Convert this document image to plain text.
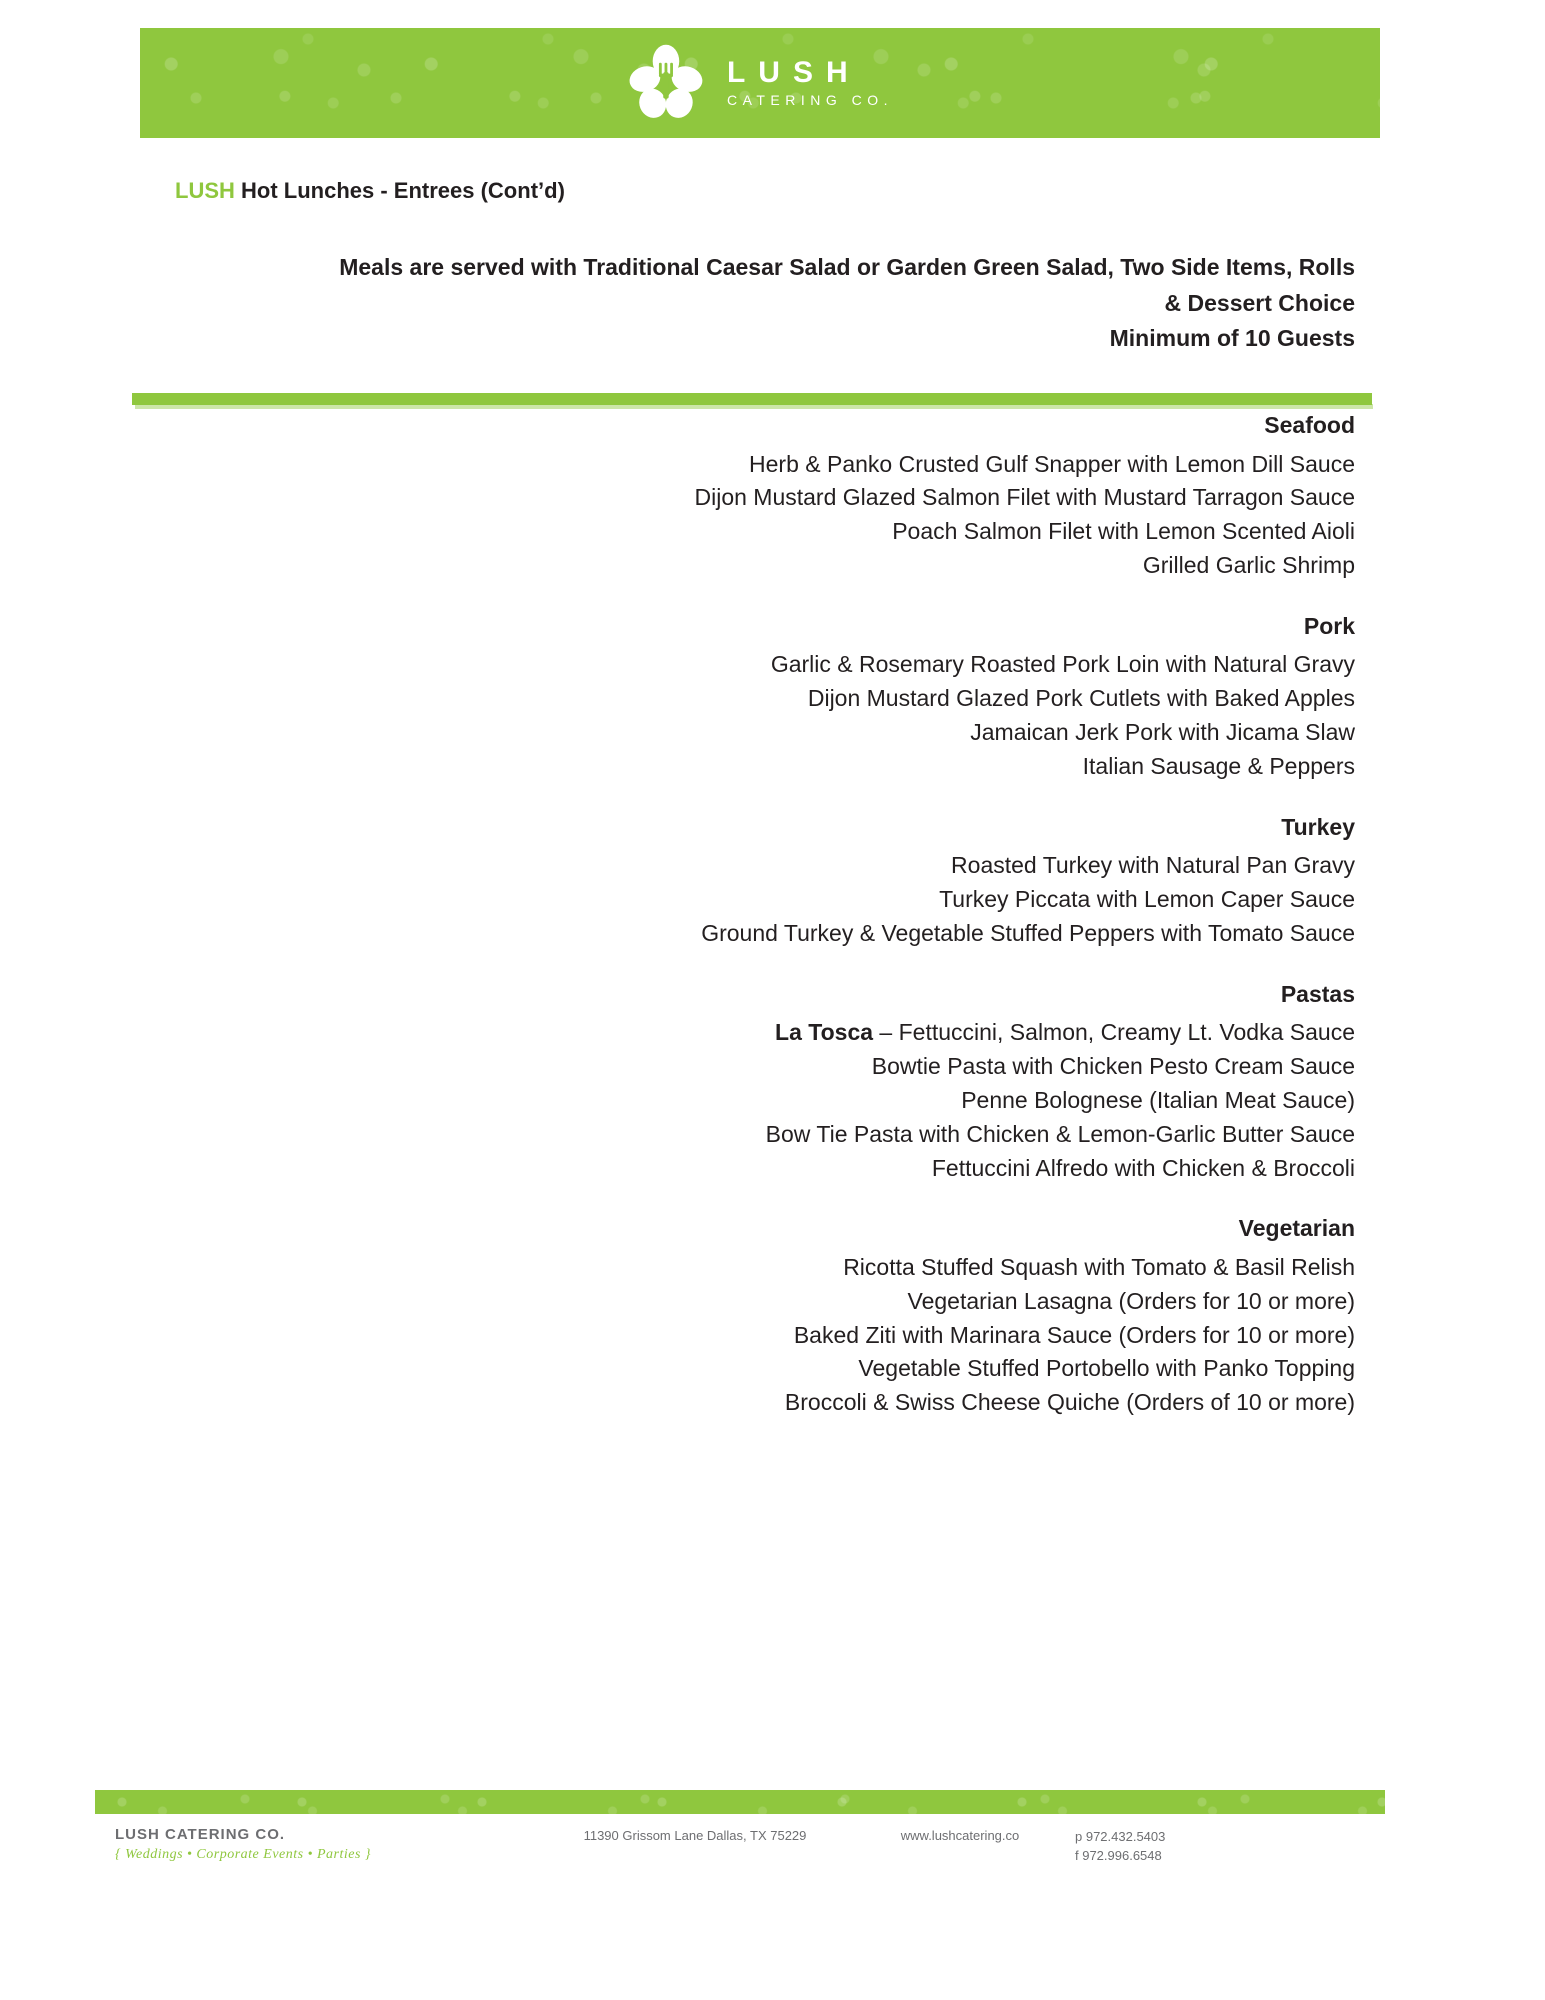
LUSH
CATERING CO.
LUSH Hot Lunches - Entrees (Cont’d)
Meals are served with Traditional Caesar Salad or Garden Green Salad, Two Side Items, Rolls
& Dessert Choice
Minimum of 10 Guests
Seafood
Herb & Panko Crusted Gulf Snapper with Lemon Dill Sauce
Dijon Mustard Glazed Salmon Filet with Mustard Tarragon Sauce
Poach Salmon Filet with Lemon Scented Aioli
Grilled Garlic Shrimp
Pork
Garlic & Rosemary Roasted Pork Loin with Natural Gravy
Dijon Mustard Glazed Pork Cutlets with Baked Apples
Jamaican Jerk Pork with Jicama Slaw
Italian Sausage & Peppers
Turkey
Roasted Turkey with Natural Pan Gravy
Turkey Piccata with Lemon Caper Sauce
Ground Turkey & Vegetable Stuffed Peppers with Tomato Sauce
Pastas
La Tosca – Fettuccini, Salmon, Creamy Lt. Vodka Sauce
Bowtie Pasta with Chicken Pesto Cream Sauce
Penne Bolognese (Italian Meat Sauce)
Bow Tie Pasta with Chicken & Lemon-Garlic Butter Sauce
Fettuccini Alfredo with Chicken & Broccoli
Vegetarian
Ricotta Stuffed Squash with Tomato & Basil Relish
Vegetarian Lasagna (Orders for 10 or more)
Baked Ziti with Marinara Sauce (Orders for 10 or more)
Vegetable Stuffed Portobello with Panko Topping
Broccoli & Swiss Cheese Quiche (Orders of 10 or more)
LUSH CATERING CO.
{ Weddings • Corporate Events • Parties }
11390 Grissom Lane Dallas, TX 75229	www.lushcatering.co	p 972.432.5403
f 972.996.6548
